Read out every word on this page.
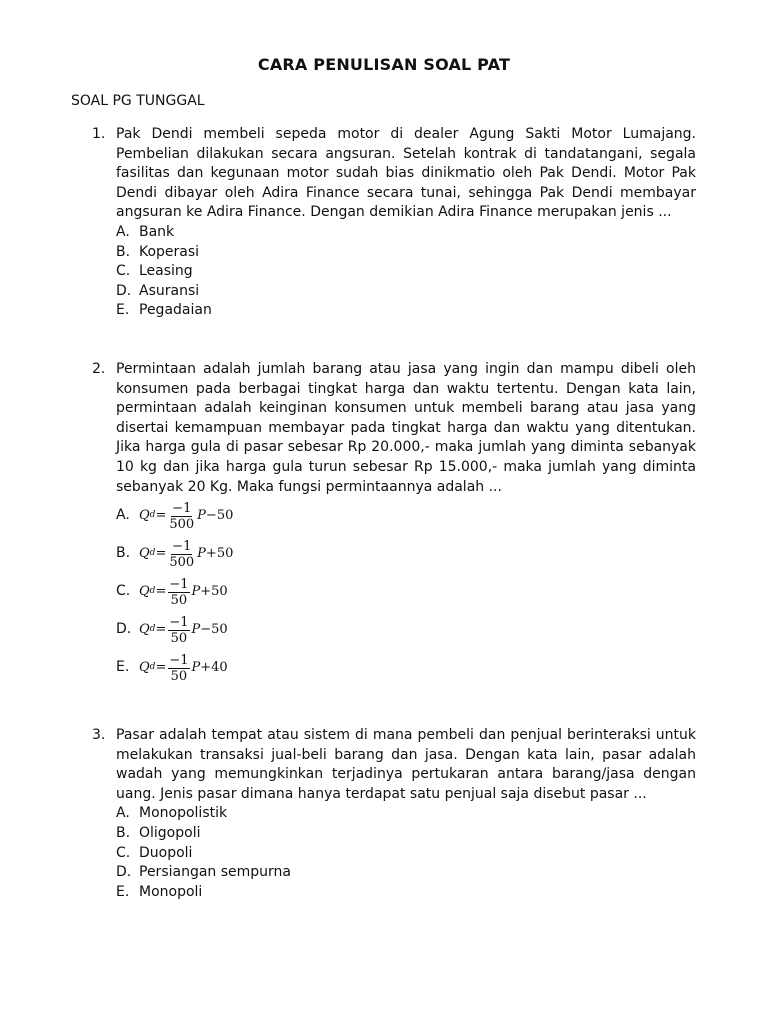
CARA PENULISAN SOAL PAT
SOAL PG TUNGGAL
1. Pak Dendi membeli sepeda motor di dealer Agung Sakti Motor Lumajang. Pembelian dilakukan secara angsuran. Setelah kontrak di tandatangani, segala fasilitas dan kegunaan motor sudah bias dinikmatio oleh Pak Dendi. Motor Pak Dendi dibayar oleh Adira Finance secara tunai, sehingga Pak Dendi membayar angsuran ke Adira Finance. Dengan demikian Adira Finance merupakan jenis ...
A. Bank
B. Koperasi
C. Leasing
D. Asuransi
E. Pegadaian
2. Permintaan adalah jumlah barang atau jasa yang ingin dan mampu dibeli oleh konsumen pada berbagai tingkat harga dan waktu tertentu. Dengan kata lain, permintaan adalah keinginan konsumen untuk membeli barang atau jasa yang disertai kemampuan membayar pada tingkat harga dan waktu yang ditentukan. Jika harga gula di pasar sebesar Rp 20.000,- maka jumlah yang diminta sebanyak 10 kg dan jika harga gula turun sebesar Rp 15.000,- maka jumlah yang diminta sebanyak 20 Kg. Maka fungsi permintaannya adalah ...
A. Q $d = \frac{-1}{500}$ P −50
B. Q $d = \frac{-1}{500}$ P +50
C. Q $d = \frac{-1}{50}$ P +50
D. Q $d = \frac{-1}{50}$ P −50
E. Q $d = \frac{-1}{50}$ P +40
3. Pasar adalah tempat atau sistem di mana pembeli dan penjual berinteraksi untuk melakukan transaksi jual-beli barang dan jasa. Dengan kata lain, pasar adalah wadah yang memungkinkan terjadinya pertukaran antara barang/jasa dengan uang. Jenis pasar dimana hanya terdapat satu penjual saja disebut pasar ...
A. Monopolistik
B. Oligopoli
C. Duopoli
D. Persiangan sempurna
E. Monopoli
